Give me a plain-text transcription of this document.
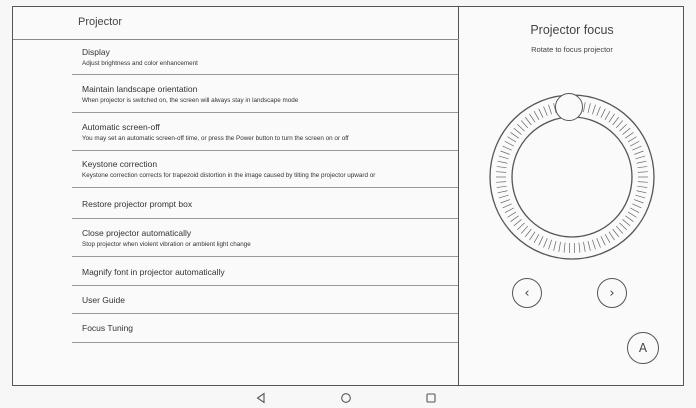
Projector
Display
Adjust brightness and color enhancement
Maintain landscape orientation
When projector is switched on, the screen will always stay in landscape mode
Automatic screen-off
You may set an automatic screen-off time, or press the Power button to turn the screen on or off
Keystone correction
Keystone correction corrects for trapezoid distortion in the image caused by tilting the projector upward or
Restore projector prompt box
Close projector automatically
Stop projector when violent vibration or ambient light change
Magnify font in projector automatically
User Guide
Focus Tuning
Projector focus
Rotate to focus projector
‹	›
A
